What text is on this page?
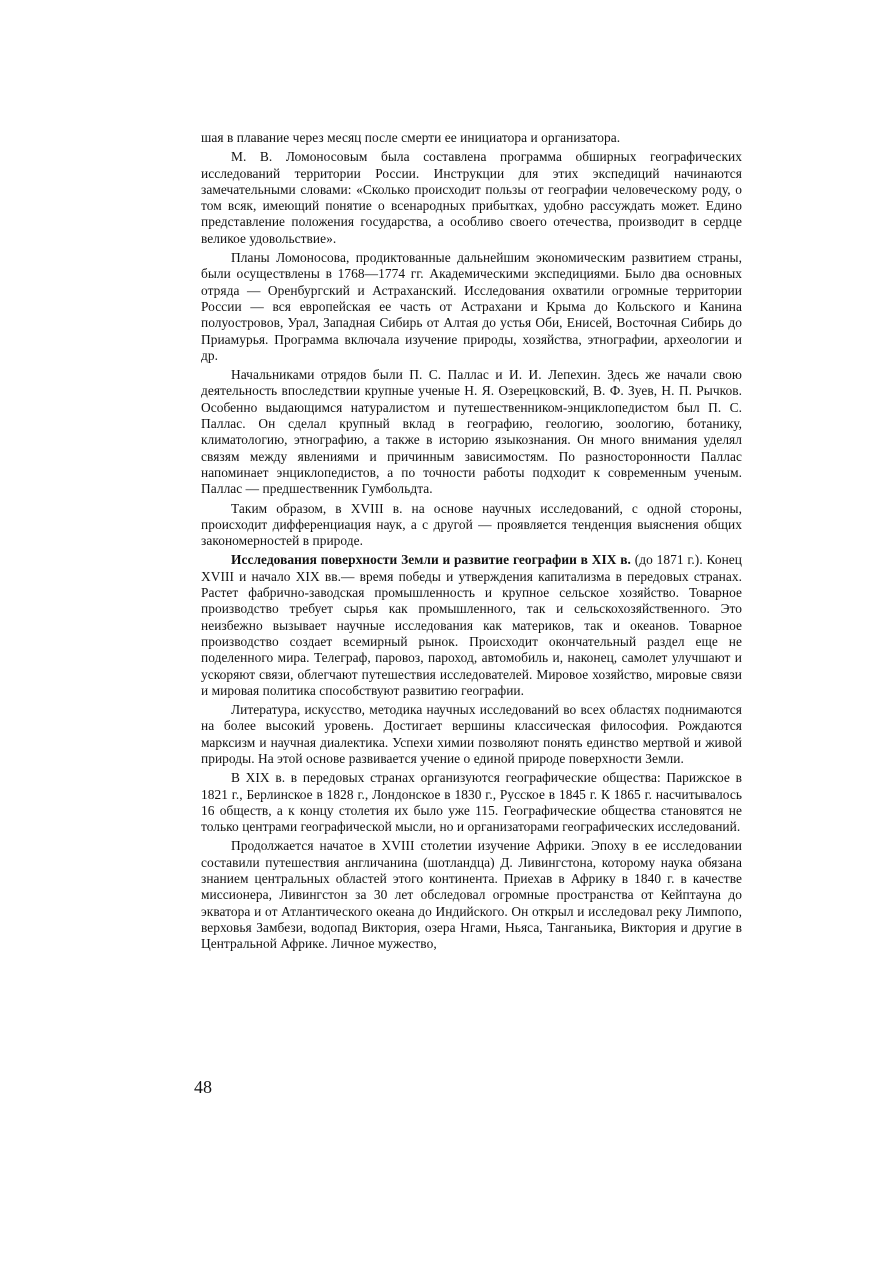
шая в плавание через месяц после смерти ее инициатора и организатора.

М. В. Ломоносовым была составлена программа обширных географических исследований территории России. Инструкции для этих экспедиций начинаются замечательными словами: «Сколько происходит пользы от географии человеческому роду, о том всяк, имеющий понятие о всенародных прибытках, удобно рассуждать может. Едино представление положения государства, а особливо своего отечества, производит в сердце великое удовольствие».

Планы Ломоносова, продиктованные дальнейшим экономическим развитием страны, были осуществлены в 1768—1774 гг. Академическими экспедициями. Было два основных отряда — Оренбургский и Астраханский. Исследования охватили огромные территории России — вся европейская ее часть от Астрахани и Крыма до Кольского и Канина полуостровов, Урал, Западная Сибирь от Алтая до устья Оби, Енисей, Восточная Сибирь до Приамурья. Программа включала изучение природы, хозяйства, этнографии, археологии и др.

Начальниками отрядов были П. С. Паллас и И. И. Лепехин. Здесь же начали свою деятельность впоследствии крупные ученые Н. Я. Озерецковский, В. Ф. Зуев, Н. П. Рычков. Особенно выдающимся натуралистом и путешественником-энциклопедистом был П. С. Паллас. Он сделал крупный вклад в географию, геологию, зоологию, ботанику, климатологию, этнографию, а также в историю языкознания. Он много внимания уделял связям между явлениями и причинным зависимостям. По разносторонности Паллас напоминает энциклопедистов, а по точности работы подходит к современным ученым. Паллас — предшественник Гумбольдта.

Таким образом, в XVIII в. на основе научных исследований, с одной стороны, происходит дифференциация наук, а с другой — проявляется тенденция выяснения общих закономерностей в природе.

Исследования поверхности Земли и развитие географии в XIX в. (до 1871 г.). Конец XVIII и начало XIX вв.— время победы и утверждения капитализма в передовых странах. Растет фабрично-заводская промышленность и крупное сельское хозяйство. Товарное производство требует сырья как промышленного, так и сельскохозяйственного. Это неизбежно вызывает научные исследования как материков, так и океанов. Товарное производство создает всемирный рынок. Происходит окончательный раздел еще не поделенного мира. Телеграф, паровоз, пароход, автомобиль и, наконец, самолет улучшают и ускоряют связи, облегчают путешествия исследователей. Мировое хозяйство, мировые связи и мировая политика способствуют развитию географии.

Литература, искусство, методика научных исследований во всех областях поднимаются на более высокий уровень. Достигает вершины классическая философия. Рождаются марксизм и научная диалектика. Успехи химии позволяют понять единство мертвой и живой природы. На этой основе развивается учение о единой природе поверхности Земли.

В XIX в. в передовых странах организуются географические общества: Парижское в 1821 г., Берлинское в 1828 г., Лондонское в 1830 г., Русское в 1845 г. К 1865 г. насчитывалось 16 обществ, а к концу столетия их было уже 115. Географические общества становятся не только центрами географической мысли, но и организаторами географических исследований.

Продолжается начатое в XVIII столетии изучение Африки. Эпоху в ее исследовании составили путешествия англичанина (шотландца) Д. Ливингстона, которому наука обязана знанием центральных областей этого континента. Приехав в Африку в 1840 г. в качестве миссионера, Ливингстон за 30 лет обследовал огромные пространства от Кейптауна до экватора и от Атлантического океана до Индийского. Он открыл и исследовал реку Лимпопо, верховья Замбези, водопад Виктория, озера Нгами, Ньяса, Танганьика, Виктория и другие в Центральной Африке. Личное мужество,

48
